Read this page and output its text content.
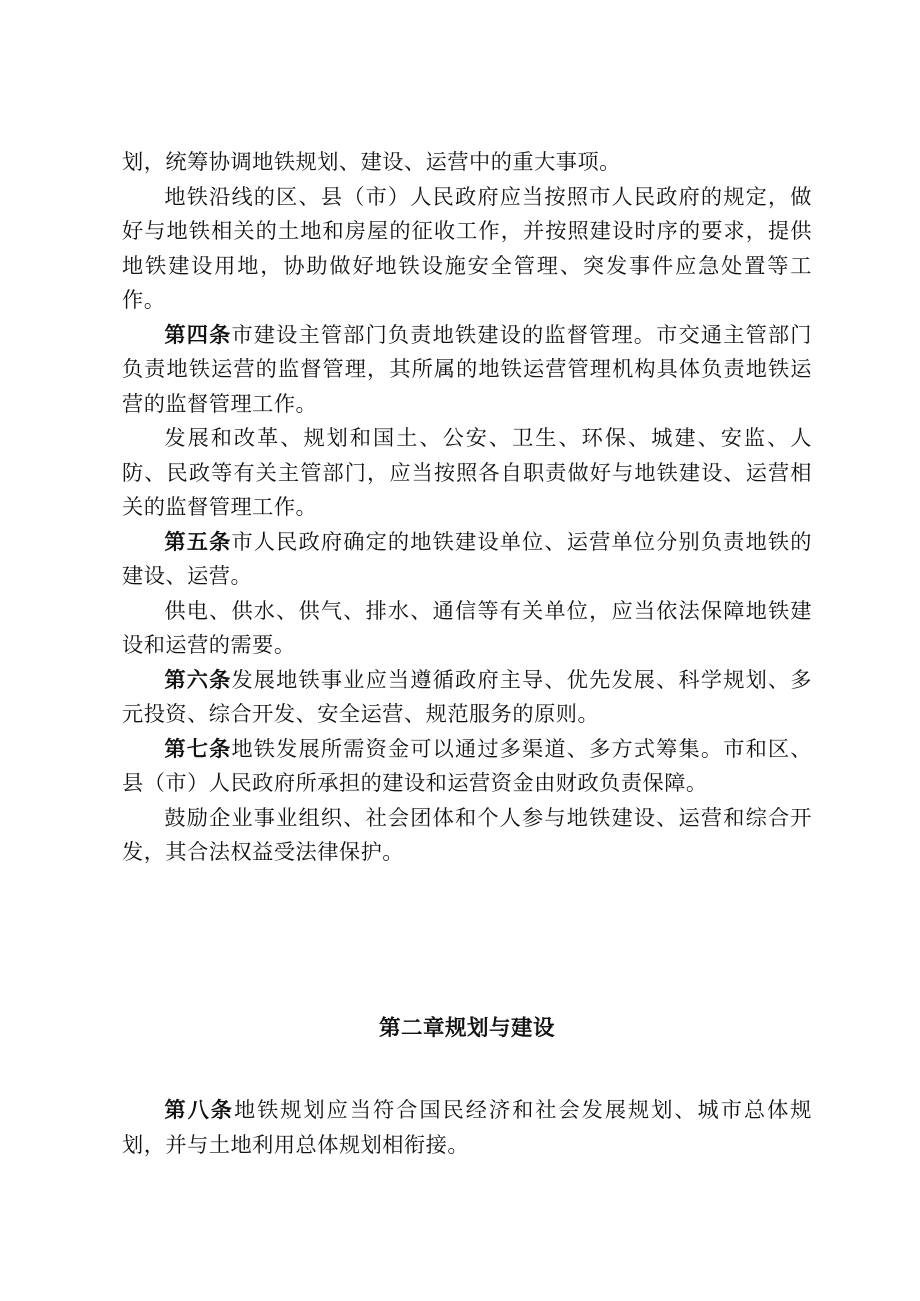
划，统筹协调地铁规划、建设、运营中的重大事项。

地铁沿线的区、县（市）人民政府应当按照市人民政府的规定，做好与地铁相关的土地和房屋的征收工作，并按照建设时序的要求，提供地铁建设用地，协助做好地铁设施安全管理、突发事件应急处置等工作。

第四条市建设主管部门负责地铁建设的监督管理。市交通主管部门负责地铁运营的监督管理，其所属的地铁运营管理机构具体负责地铁运营的监督管理工作。

发展和改革、规划和国土、公安、卫生、环保、城建、安监、人防、民政等有关主管部门，应当按照各自职责做好与地铁建设、运营相关的监督管理工作。

第五条市人民政府确定的地铁建设单位、运营单位分别负责地铁的建设、运营。

供电、供水、供气、排水、通信等有关单位，应当依法保障地铁建设和运营的需要。

第六条发展地铁事业应当遵循政府主导、优先发展、科学规划、多元投资、综合开发、安全运营、规范服务的原则。

第七条地铁发展所需资金可以通过多渠道、多方式筹集。市和区、县（市）人民政府所承担的建设和运营资金由财政负责保障。

鼓励企业事业组织、社会团体和个人参与地铁建设、运营和综合开发，其合法权益受法律保护。

第二章规划与建设

第八条地铁规划应当符合国民经济和社会发展规划、城市总体规划，并与土地利用总体规划相衔接。
